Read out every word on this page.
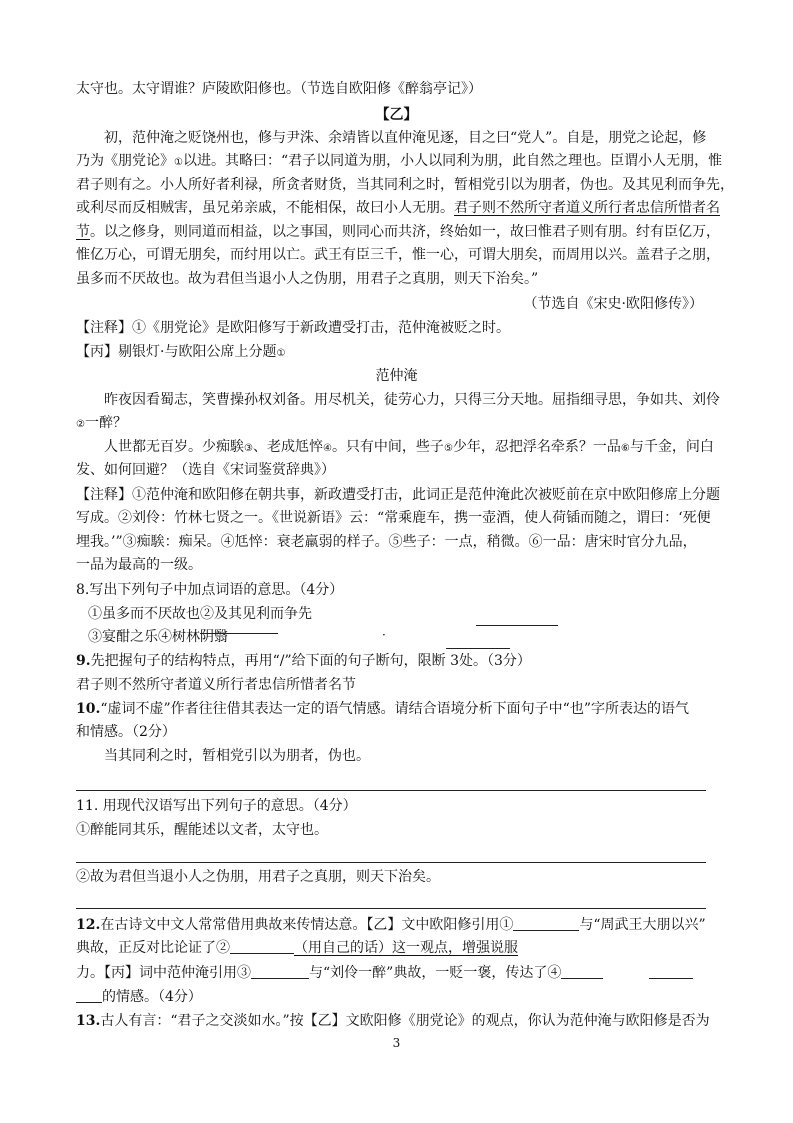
太守也。太守谓谁？庐陵欧阳修也。（节选自欧阳修《醉翁亭记》）
【乙】
初，范仲淹之贬饶州也，修与尹洙、余靖皆以直仲淹见逐，目之曰“党人”。自是，朋党之论起，修
乃为《朋党论》①以进。其略曰：“君子以同道为朋，小人以同利为朋，此自然之理也。臣谓小人无朋，惟
君子则有之。小人所好者利禄，所贪者财货，当其同利之时，暂相党引以为朋者，伪也。及其见利而争先，
或利尽而反相贼害，虽兄弟亲戚，不能相保，故曰小人无朋。君子则不然所守者道义所行者忠信所惜者名
节。以之修身，则同道而相益，以之事国，则同心而共济，终始如一，故曰惟君子则有朋。纣有臣亿万，
惟亿万心，可谓无朋矣，而纣用以亡。武王有臣三千，惟一心，可谓大朋矣，而周用以兴。盖君子之朋，
虽多而不厌故也。故为君但当退小人之伪朋，用君子之真朋，则天下治矣。”
（节选自《宋史·欧阳修传》）
【注释】①《朋党论》是欧阳修写于新政遭受打击，范仲淹被贬之时。
【丙】剔银灯·与欧阳公席上分题①
范仲淹
昨夜因看蜀志，笑曹操孙权刘备。用尽机关，徒劳心力，只得三分天地。屈指细寻思，争如共、刘伶
②一醉？
人世都无百岁。少痴騃③、老成尪悴④。只有中间，些子⑤少年，忍把浮名牵系？一品⑥与千金，问白
发、如何回避？（选自《宋词鉴赏辞典》）
【注释】①范仲淹和欧阳修在朝共事，新政遭受打击，此词正是范仲淹此次被贬前在京中欧阳修席上分题
写成。②刘伶：竹林七贤之一。《世说新语》云：“常乘鹿车，携一壶酒，使人荷锸而随之，谓曰：‘死便
埋我。’”③痴騃：痴呆。④尪悴：衰老羸弱的样子。⑤些子：一点，稍微。⑥一品：唐宋时官分九品，
一品为最高的一级。
8.写出下列句子中加点词语的意思。（4分）
①虽多而不厌故也②及其见利而争先
③宴酣之乐④树林阴翳	·
9.先把握句子的结构特点，再用“/”给下面的句子断句，限断 3处。（3分）
君子则不然所守者道义所行者忠信所惜者名节
10.“虚词不虚”作者往往借其表达一定的语气情感。请结合语境分析下面句子中“也”字所表达的语气
和情感。（2分）
当其同利之时，暂相党引以为朋者，伪也。
11. 用现代汉语写出下列句子的意思。（4分）
①醉能同其乐，醒能述以文者，太守也。
②故为君但当退小人之伪朋，用君子之真朋，则天下治矣。
12.在古诗文中文人常常借用典故来传情达意。【乙】文中欧阳修引用①	与“周武王大朋以兴”
典故，正反对比论证了②	（用自己的话）这一观点，增强说服
力。【丙】词中范仲淹引用③	与“刘伶一醉”典故，一贬一褒，传达了④
的情感。（4分）
13.古人有言：“君子之交淡如水。”按【乙】文欧阳修《朋党论》的观点，你认为范仲淹与欧阳修是否为
3
